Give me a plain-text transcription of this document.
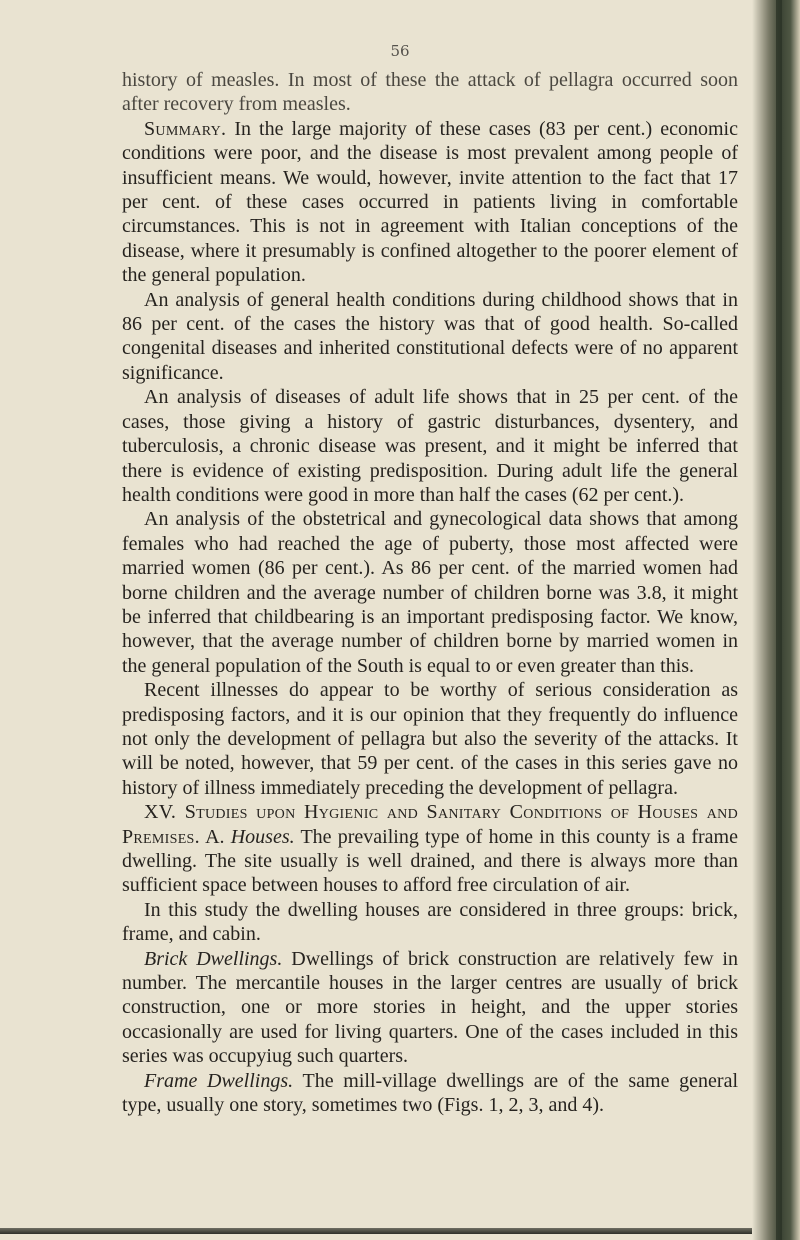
56

history of measles. In most of these the attack of pellagra occurred soon after recovery from measles.

Summary. In the large majority of these cases (83 per cent.) economic conditions were poor, and the disease is most prevalent among people of insufficient means. We would, however, invite attention to the fact that 17 per cent. of these cases occurred in patients living in comfortable circumstances. This is not in agreement with Italian conceptions of the disease, where it presumably is confined altogether to the poorer element of the general population.

An analysis of general health conditions during childhood shows that in 86 per cent. of the cases the history was that of good health. So-called congenital diseases and inherited constitutional defects were of no apparent significance.

An analysis of diseases of adult life shows that in 25 per cent. of the cases, those giving a history of gastric disturbances, dysentery, and tuberculosis, a chronic disease was present, and it might be inferred that there is evidence of existing predisposition. During adult life the general health conditions were good in more than half the cases (62 per cent.).

An analysis of the obstetrical and gynecological data shows that among females who had reached the age of puberty, those most affected were married women (86 per cent.). As 86 per cent. of the married women had borne children and the average number of children borne was 3.8, it might be inferred that childbearing is an important predisposing factor. We know, however, that the average number of children borne by married women in the general population of the South is equal to or even greater than this.

Recent illnesses do appear to be worthy of serious consideration as predisposing factors, and it is our opinion that they frequently do influence not only the development of pellagra but also the severity of the attacks. It will be noted, however, that 59 per cent. of the cases in this series gave no history of illness immediately preceding the development of pellagra.

XV. Studies upon Hygienic and Sanitary Conditions of Houses and Premises. A. Houses. The prevailing type of home in this county is a frame dwelling. The site usually is well drained, and there is always more than sufficient space between houses to afford free circulation of air.

In this study the dwelling houses are considered in three groups: brick, frame, and cabin.

Brick Dwellings. Dwellings of brick construction are relatively few in number. The mercantile houses in the larger centres are usually of brick construction, one or more stories in height, and the upper stories occasionally are used for living quarters. One of the cases included in this series was occupyiug such quarters.

Frame Dwellings. The mill-village dwellings are of the same general type, usually one story, sometimes two (Figs. 1, 2, 3, and 4).
